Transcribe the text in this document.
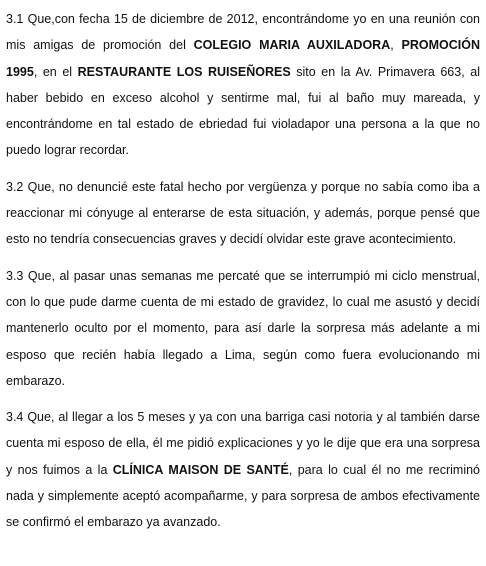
3.1 Que,con fecha 15 de diciembre de 2012, encontrándome yo en una reunión con
mis amigas de promoción del COLEGIO MARIA AUXILADORA, PROMOCIÓN
1995, en el RESTAURANTE LOS RUISEÑORES sito en la Av. Primavera 663, al
haber bebido en exceso alcohol y sentirme mal, fui al baño muy mareada, y
encontrándome en tal estado de ebriedad fui violadapor una persona a la que no
puedo lograr recordar.
3.2 Que, no denuncié este fatal hecho por vergüenza y porque no sabía como iba a
reaccionar mi cónyuge al enterarse de esta situación, y además, porque pensé que
esto no tendría consecuencias graves y decidí olvidar este grave acontecimiento.
3.3 Que, al pasar unas semanas me percaté que se interrumpió mi ciclo menstrual,
con lo que pude darme cuenta de mi estado de gravidez, lo cual me asustó y decidí
mantenerlo oculto por el momento, para así darle la sorpresa más adelante a mi
esposo que recién había llegado a Lima, según como fuera evolucionando mi
embarazo.
3.4 Que, al llegar a los 5 meses y ya con una barriga casi notoria y al también darse
cuenta mi esposo de ella, él me pidió explicaciones y yo le dije que era una sorpresa
y nos fuimos a la CLÍNICA MAISON DE SANTÉ, para lo cual él no me recriminó
nada y simplemente aceptó acompañarme, y para sorpresa de ambos efectivamente
se confirmó el embarazo ya avanzado.
